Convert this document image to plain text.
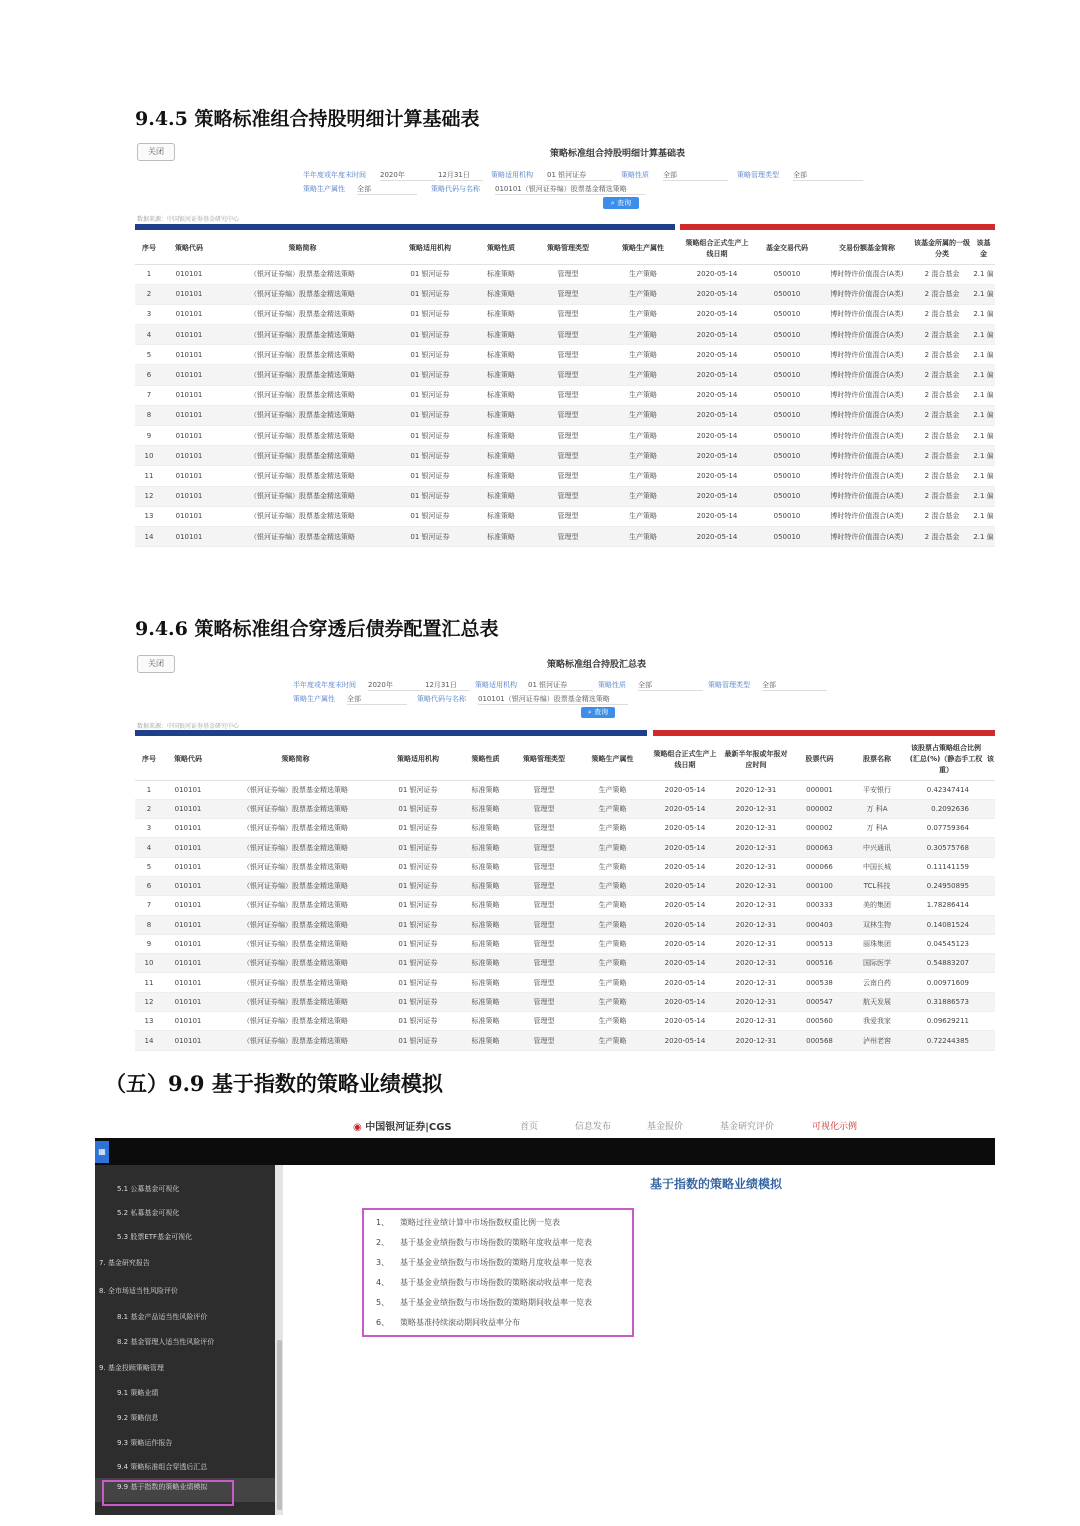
9.4.5 策略标准组合持股明细计算基础表
关闭	策略标准组合持股明细计算基础表
半年度或年度末时间 2020年	12月31日	策略适用机构 01 银河证券	策略性质 全部	策略管理类型 全部
策略生产属性 全部	策略代码与名称 010101（银河证券编）股票基金精选策略
⌕ 查询
数据来源：中国银河证券基金研究中心
序号	策略代码	策略简称	策略适用机构	策略性质	策略管理类型	策略生产属性	策略组合正式生产上线日期	基金交易代码	交易份额基金简称	该基金所属的一级分类	该基金
1	010101	（银河证券编）股票基金精选策略	01 银河证券	标准策略	管理型	生产策略	2020-05-14	050010	博时特许价值混合(A类)	2 混合基金	2.1 偏
2	010101	（银河证券编）股票基金精选策略	01 银河证券	标准策略	管理型	生产策略	2020-05-14	050010	博时特许价值混合(A类)	2 混合基金	2.1 偏
3	010101	（银河证券编）股票基金精选策略	01 银河证券	标准策略	管理型	生产策略	2020-05-14	050010	博时特许价值混合(A类)	2 混合基金	2.1 偏
4	010101	（银河证券编）股票基金精选策略	01 银河证券	标准策略	管理型	生产策略	2020-05-14	050010	博时特许价值混合(A类)	2 混合基金	2.1 偏
5	010101	（银河证券编）股票基金精选策略	01 银河证券	标准策略	管理型	生产策略	2020-05-14	050010	博时特许价值混合(A类)	2 混合基金	2.1 偏
6	010101	（银河证券编）股票基金精选策略	01 银河证券	标准策略	管理型	生产策略	2020-05-14	050010	博时特许价值混合(A类)	2 混合基金	2.1 偏
7	010101	（银河证券编）股票基金精选策略	01 银河证券	标准策略	管理型	生产策略	2020-05-14	050010	博时特许价值混合(A类)	2 混合基金	2.1 偏
8	010101	（银河证券编）股票基金精选策略	01 银河证券	标准策略	管理型	生产策略	2020-05-14	050010	博时特许价值混合(A类)	2 混合基金	2.1 偏
9	010101	（银河证券编）股票基金精选策略	01 银河证券	标准策略	管理型	生产策略	2020-05-14	050010	博时特许价值混合(A类)	2 混合基金	2.1 偏
10	010101	（银河证券编）股票基金精选策略	01 银河证券	标准策略	管理型	生产策略	2020-05-14	050010	博时特许价值混合(A类)	2 混合基金	2.1 偏
11	010101	（银河证券编）股票基金精选策略	01 银河证券	标准策略	管理型	生产策略	2020-05-14	050010	博时特许价值混合(A类)	2 混合基金	2.1 偏
12	010101	（银河证券编）股票基金精选策略	01 银河证券	标准策略	管理型	生产策略	2020-05-14	050010	博时特许价值混合(A类)	2 混合基金	2.1 偏
13	010101	（银河证券编）股票基金精选策略	01 银河证券	标准策略	管理型	生产策略	2020-05-14	050010	博时特许价值混合(A类)	2 混合基金	2.1 偏
14	010101	（银河证券编）股票基金精选策略	01 银河证券	标准策略	管理型	生产策略	2020-05-14	050010	博时特许价值混合(A类)	2 混合基金	2.1 偏
9.4.6 策略标准组合穿透后债券配置汇总表
关闭	策略标准组合持股汇总表
半年度或年度末时间 2020年	12月31日	策略适用机构 01 银河证券	策略性质 全部	策略管理类型 全部
策略生产属性 全部	策略代码与名称 010101（银河证券编）股票基金精选策略
⌕ 查询
数据来源：中国银河证券基金研究中心
序号	策略代码	策略简称	策略适用机构	策略性质	策略管理类型	策略生产属性	策略组合正式生产上线日期	最新半年报或年报对应时间	股票代码	股票名称	该股票占策略组合比例(汇总(%)（静态手工权重）	该
1	010101	（银河证券编）股票基金精选策略	01 银河证券	标准策略	管理型	生产策略	2020-05-14	2020-12-31	000001	平安银行	0.42347414	
2	010101	（银河证券编）股票基金精选策略	01 银河证券	标准策略	管理型	生产策略	2020-05-14	2020-12-31	000002	万 科A	0.2092636	
3	010101	（银河证券编）股票基金精选策略	01 银河证券	标准策略	管理型	生产策略	2020-05-14	2020-12-31	000002	万 科A	0.07759364	
4	010101	（银河证券编）股票基金精选策略	01 银河证券	标准策略	管理型	生产策略	2020-05-14	2020-12-31	000063	中兴通讯	0.30575768	
5	010101	（银河证券编）股票基金精选策略	01 银河证券	标准策略	管理型	生产策略	2020-05-14	2020-12-31	000066	中国长城	0.11141159	
6	010101	（银河证券编）股票基金精选策略	01 银河证券	标准策略	管理型	生产策略	2020-05-14	2020-12-31	000100	TCL科技	0.24950895	
7	010101	（银河证券编）股票基金精选策略	01 银河证券	标准策略	管理型	生产策略	2020-05-14	2020-12-31	000333	美的集团	1.78286414	
8	010101	（银河证券编）股票基金精选策略	01 银河证券	标准策略	管理型	生产策略	2020-05-14	2020-12-31	000403	双林生物	0.14081524	
9	010101	（银河证券编）股票基金精选策略	01 银河证券	标准策略	管理型	生产策略	2020-05-14	2020-12-31	000513	丽珠集团	0.04545123	
10	010101	（银河证券编）股票基金精选策略	01 银河证券	标准策略	管理型	生产策略	2020-05-14	2020-12-31	000516	国际医学	0.54883207	
11	010101	（银河证券编）股票基金精选策略	01 银河证券	标准策略	管理型	生产策略	2020-05-14	2020-12-31	000538	云南白药	0.00971609	
12	010101	（银河证券编）股票基金精选策略	01 银河证券	标准策略	管理型	生产策略	2020-05-14	2020-12-31	000547	航天发展	0.31886573	
13	010101	（银河证券编）股票基金精选策略	01 银河证券	标准策略	管理型	生产策略	2020-05-14	2020-12-31	000560	我爱我家	0.09629211	
14	010101	（银河证券编）股票基金精选策略	01 银河证券	标准策略	管理型	生产策略	2020-05-14	2020-12-31	000568	泸州老窖	0.72244385	
（五）9.9 基于指数的策略业绩模拟
◉ 中国银河证券|CGS	首页	信息发布	基金报价	基金研究评价	可视化示例
▦
5.1 公募基金可视化
5.2 私募基金可视化
5.3 股票ETF基金可视化
7. 基金研究报告
8. 全市场适当性风险评价
8.1 基金产品适当性风险评价
8.2 基金管理人适当性风险评价
9. 基金投顾策略管理
9.1 策略业绩
9.2 策略信息
9.3 策略运作报告
9.4 策略标准组合穿透后汇总
9.9 基于指数的策略业绩模拟
基于指数的策略业绩模拟
1、 策略过往业绩计算中市场指数权重比例一览表
2、 基于基金业绩指数与市场指数的策略年度收益率一览表
3、 基于基金业绩指数与市场指数的策略月度收益率一览表
4、 基于基金业绩指数与市场指数的策略滚动收益率一览表
5、 基于基金业绩指数与市场指数的策略期间收益率一览表
6、 策略基准持续滚动期间收益率分布
